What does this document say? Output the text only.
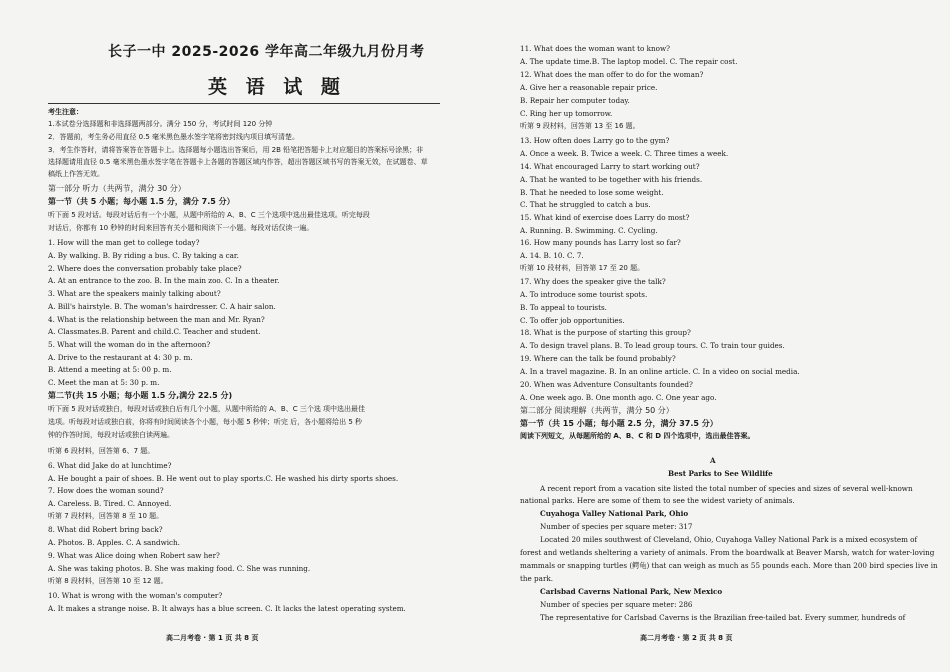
长子一中 2025-2026 学年高二年级九月份月考
英 语 试 题
考生注意：
1.本试卷分选择题和非选择题两部分。满分 150 分，考试时间 120 分钟
2．答题前，考生务必用直径 0.5 毫米黑色墨水签字笔将密封线内项目填写清楚。
3．考生作答时，请将答案答在答题卡上。选择题每小题选出答案后，用 2B 铅笔把答题卡上对应题目的答案标号涂黑；非
选择题请用直径 0.5 毫米黑色墨水签字笔在答题卡上各题的答题区域内作答，超出答题区域书写的答案无效，在试题卷、草
稿纸上作答无效。
第一部分 听力（共两节，满分 30 分）
第一节（共 5 小题；每小题 1.5 分，满分 7.5 分）
听下面 5 段对话。每段对话后有一个小题，从题中所给的 A、B、C 三个选项中选出最佳选项。听完每段
对话后，你都有 10 秒钟的时间来回答有关小题和阅读下一小题。每段对话仅读一遍。
1. How will the man get to college today?
A. By walking. B. By riding a bus. C. By taking a car.
2. Where does the conversation probably take place?
A. At an entrance to the zoo. B. In the main zoo. C. In a theater.
3. What are the speakers mainly talking about?
A. Bill's hairstyle. B. The woman's hairdresser. C. A hair salon.
4. What is the relationship between the man and Mr. Ryan?
A. Classmates.B. Parent and child.C. Teacher and student.
5. What will the woman do in the afternoon?
A. Drive to the restaurant at 4: 30 p. m.
B. Attend a meeting at 5: 00 p. m.
C. Meet the man at 5: 30 p. m.
第二节(共 15 小题；每小题 1.5 分,满分 22.5 分)
听下面 5 段对话或独白，每段对话或独白后有几个小题，从题中所给的 A、B、C 三个选 项中选出最佳
选项。听每段对话或独白前，你将有时间阅读各个小题，每小题 5 秒钟；听完 后，各小题将给出 5 秒
钟的作答时间，每段对话或独白读两遍。
听第 6 段材料，回答第 6、7 题。
6. What did Jake do at lunchtime?
A. He bought a pair of shoes. B. He went out to play sports.C. He washed his dirty sports shoes.
7. How does the woman sound?
A. Careless. B. Tired. C. Annoyed.
听第 7 段材料，回答第 8 至 10 题。
8. What did Robert bring back?
A. Photos. B. Apples. C. A sandwich.
9. What was Alice doing when Robert saw her?
A. She was taking photos. B. She was making food. C. She was running.
听第 8 段材料，回答第 10 至 12 题。
10. What is wrong with the woman's computer?
A. It makes a strange noise. B. It always has a blue screen. C. It lacks the latest operating system.
高二月考卷 · 第 1 页 共 8 页
11. What does the woman want to know?
A. The update time.B. The laptop model. C. The repair cost.
12. What does the man offer to do for the woman?
A. Give her a reasonable repair price.
B. Repair her computer today.
C. Ring her up tomorrow.
听第 9 段材料，回答第 13 至 16 题。
13. How often does Larry go to the gym?
A. Once a week. B. Twice a week. C. Three times a week.
14. What encouraged Larry to start working out?
A. That he wanted to be together with his friends.
B. That he needed to lose some weight.
C. That he struggled to catch a bus.
15. What kind of exercise does Larry do most?
A. Running. B. Swimming. C. Cycling.
16. How many pounds has Larry lost so far?
A. 14. B. 10. C. 7.
听第 10 段材料，回答第 17 至 20 题。
17. Why does the speaker give the talk?
A. To introduce some tourist spots.
B. To appeal to tourists.
C. To offer job opportunities.
18. What is the purpose of starting this group?
A. To design travel plans. B. To lead group tours. C. To train tour guides.
19. Where can the talk be found probably?
A. In a travel magazine. B. In an online article. C. In a video on social media.
20. When was Adventure Consultants founded?
A. One week ago. B. One month ago. C. One year ago.
第二部分 阅读理解（共两节，满分 50 分）
第一节（共 15 小题；每小题 2.5 分，满分 37.5 分）
阅读下列短文，从每题所给的 A、B、C 和 D 四个选项中，选出最佳答案。
A
Best Parks to See Wildlife
A recent report from a vacation site listed the total number of species and sizes of several well-known
national parks. Here are some of them to see the widest variety of animals.
Cuyahoga Valley National Park, Ohio
Number of species per square meter: 317
Located 20 miles southwest of Cleveland, Ohio, Cuyahoga Valley National Park is a mixed ecosystem of
forest and wetlands sheltering a variety of animals. From the boardwalk at Beaver Marsh, watch for water-loving
mammals or snapping turtles (鳄龟) that can weigh as much as 55 pounds each. More than 200 bird species live in
the park.
Carlsbad Caverns National Park, New Mexico
Number of species per square meter: 286
The representative for Carlsbad Caverns is the Brazilian free-tailed bat. Every summer, hundreds of
高二月考卷 · 第 2 页 共 8 页
